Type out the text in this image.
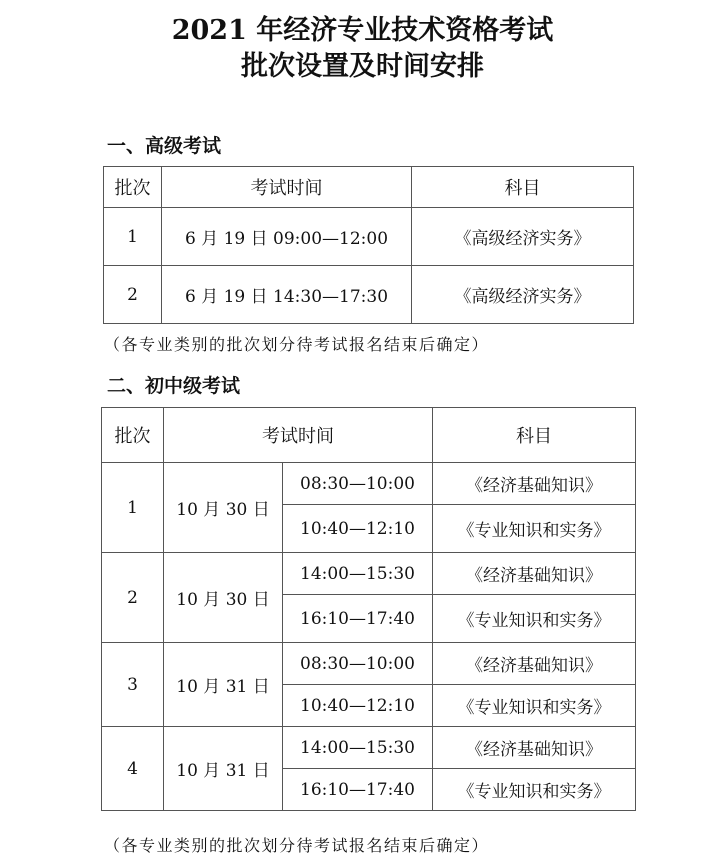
2021 年经济专业技术资格考试
批次设置及时间安排
一、高级考试
批次	考试时间	科目
1	6 月 19 日 09:00—12:00	《高级经济实务》
2	6 月 19 日 14:30—17:30	《高级经济实务》
（各专业类别的批次划分待考试报名结束后确定）
二、初中级考试
批次	考试时间		科目
1	10 月 30 日	08:30—10:00	《经济基础知识》
		10:40—12:10	《专业知识和实务》
2	10 月 30 日	14:00—15:30	《经济基础知识》
		16:10—17:40	《专业知识和实务》
3	10 月 31 日	08:30—10:00	《经济基础知识》
		10:40—12:10	《专业知识和实务》
4	10 月 31 日	14:00—15:30	《经济基础知识》
		16:10—17:40	《专业知识和实务》
（各专业类别的批次划分待考试报名结束后确定）
